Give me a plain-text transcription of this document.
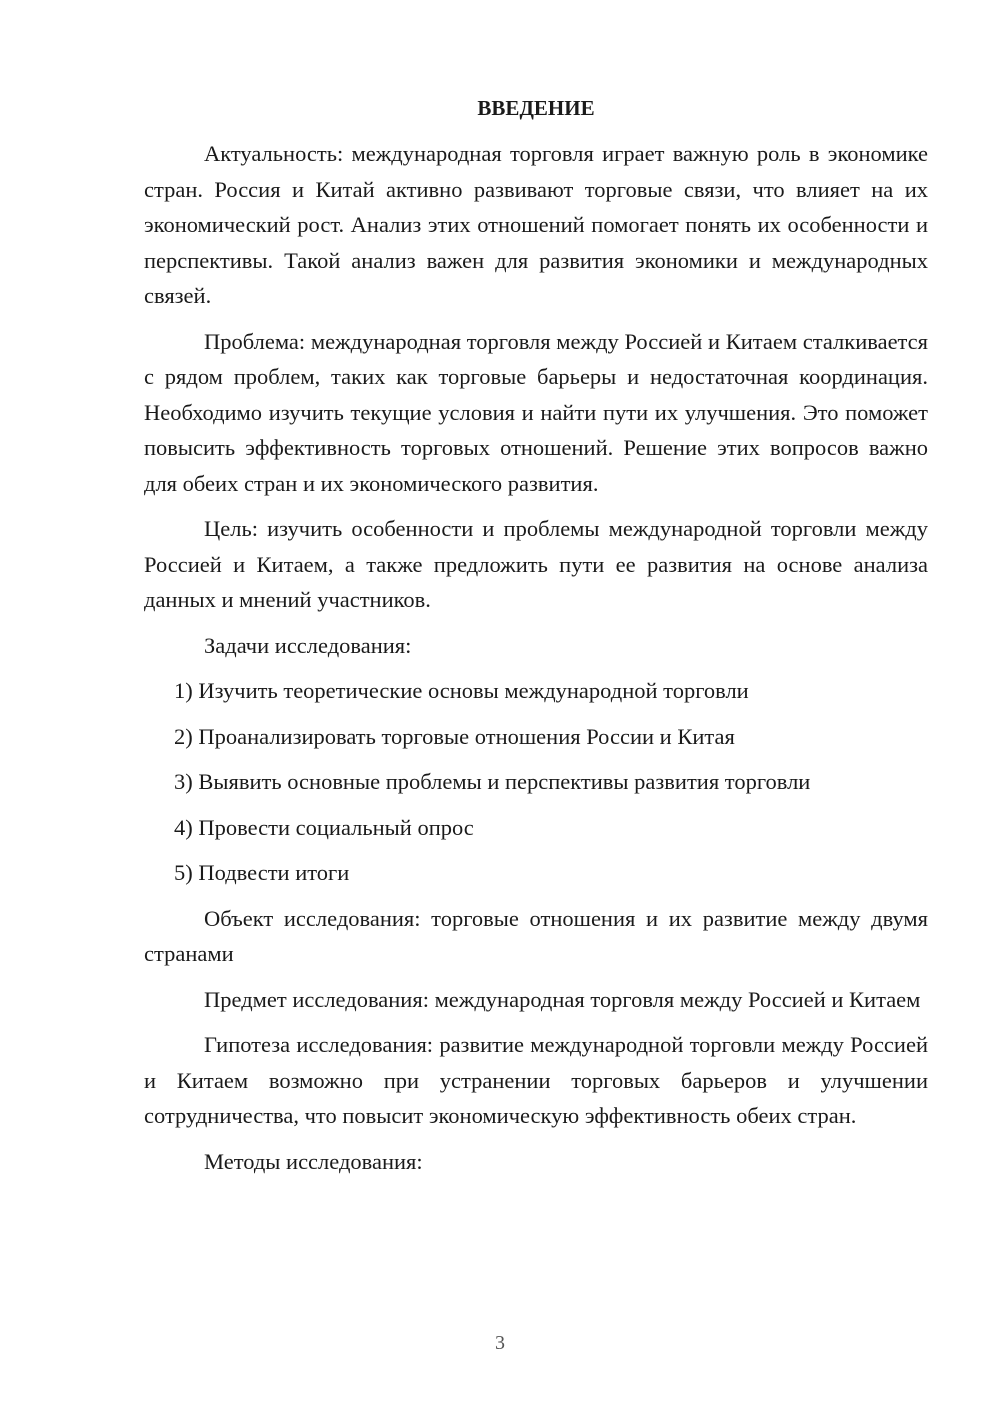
ВВЕДЕНИЕ

Актуальность: международная торговля играет важную роль в экономике стран. Россия и Китай активно развивают торговые связи, что влияет на их экономический рост. Анализ этих отношений помогает понять их особенности и перспективы. Такой анализ важен для развития экономики и международных связей.

Проблема: международная торговля между Россией и Китаем сталкивается с рядом проблем, таких как торговые барьеры и недостаточная координация. Необходимо изучить текущие условия и найти пути их улучшения. Это поможет повысить эффективность торговых отношений. Решение этих вопросов важно для обеих стран и их экономического развития.

Цель: изучить особенности и проблемы международной торговли между Россией и Китаем, а также предложить пути ее развития на основе анализа данных и мнений участников.

Задачи исследования:

1) Изучить теоретические основы международной торговли
2) Проанализировать торговые отношения России и Китая
3) Выявить основные проблемы и перспективы развития торговли
4) Провести социальный опрос
5) Подвести итоги

Объект исследования: торговые отношения и их развитие между двумя странами

Предмет исследования: международная торговля между Россией и Китаем

Гипотеза исследования: развитие международной торговли между Россией и Китаем возможно при устранении торговых барьеров и улучшении сотрудничества, что повысит экономическую эффективность обеих стран.

Методы исследования:

3
